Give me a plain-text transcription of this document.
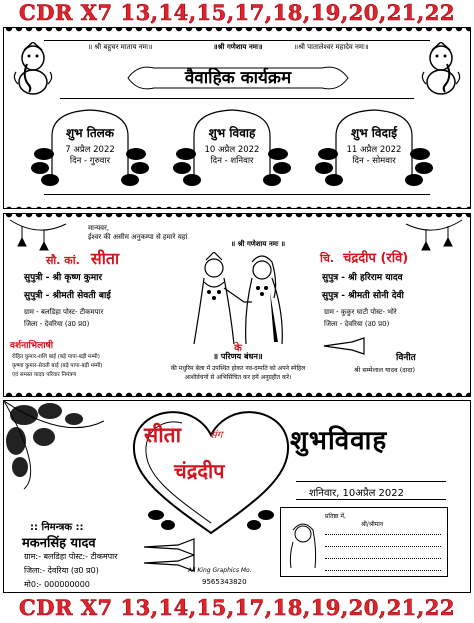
CDR X7 13,14,15,17,18,19,20,21,22
॥ श्री बहुचर माताय नमः॥	॥श्री गणेशाय नमः॥	॥श्री पातालेश्वर महादेव नमः॥
वैवाहिक कार्यक्रम
शुभ तिलक
7 अप्रैल 2022
दिन - गुरुवार
शुभ विवाह
10 अप्रैल 2022
दिन - शनिवार
शुभ विदाई
11 अप्रैल 2022
दिन - सोमवार
मान्यवर,
ईश्वर की असीम अनुकम्पा से हमारे यहां
॥ श्री गणेशाय नमः ॥
सौ. कां. सीता
सुपुत्री - श्री कृष्ण कुमार
सुपुत्री - श्रीमती सेवती बाई
ग्राम - बलडिहा पोस्ट- टीकमपार
जिला - देवरिया (उ0 प्र0)
चि. चंद्रदीप (रवि)
सुपुत्र - श्री हरिराम यादव
सुपुत्र - श्रीमती सोनी देवी
ग्राम - कुकुर घाटी पोस्ट- भोरे
जिला - देवरिया (उ0 प्र0)
के
॥ परिणय बंधन॥
की मधुरिम बेला में उपस्थित होकर नव-दम्पति को अपने स्नेहिल
आशीर्वचनों से अभिसिंचित कर हमें अनुग्रहीत करें।
वर्शनाभिलाषी
रोहित कुमार-शशि बाई (बड़े पापा-बड़ी मम्मी)
कृष्णा कुमार-सेवती बाई (बड़े पापा-बड़ी मम्मी)
एवं समस्त यादव परिवार निमंत्रण
विनीत
श्री सम्मेलाल यादव (दादा)
सीता	संग
चंद्रदीप
शुभविवाह
शनिवार, 10अप्रैल 2022
:: निमन्त्रक ::
मकनसिंह यादव
ग्राम:- बलडिहा पोस्ट:- टीकमपार
जिला:- देवरिया (उ0 प्र0)
मो0:- 000000000
Ali King Graphics Mo.
9565343820
प्रतिष्ठा में,
श्री/श्रीमान
CDR X7 13,14,15,17,18,19,20,21,22
